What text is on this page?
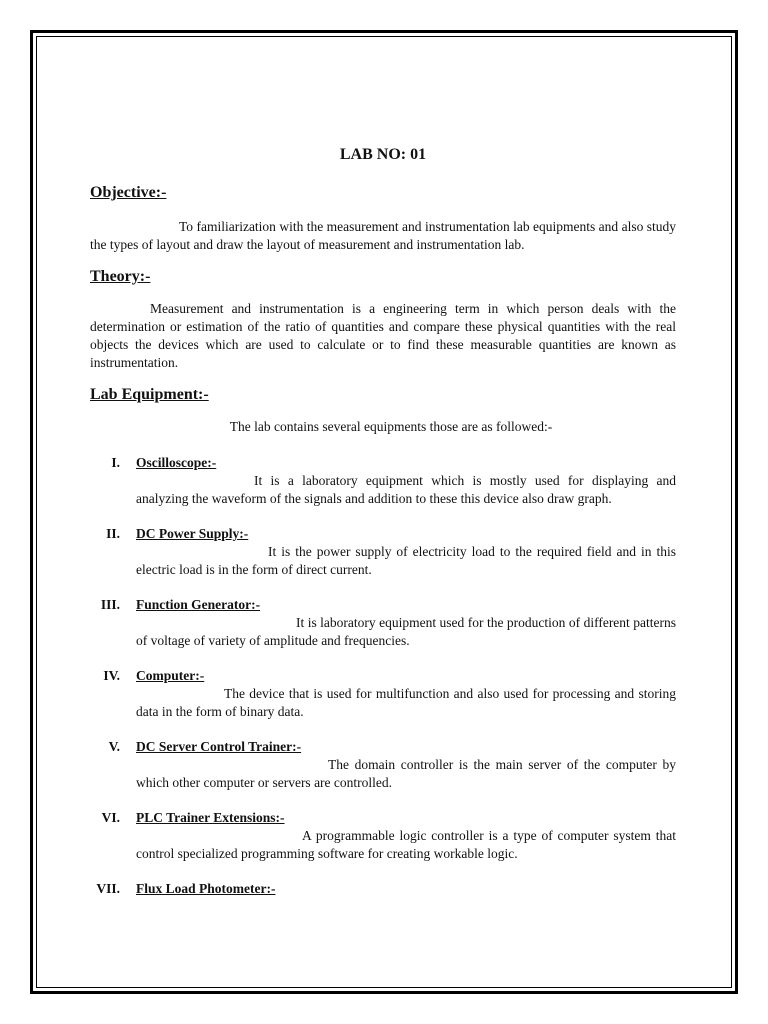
LAB NO: 01
Objective:-

To familiarization with the measurement and instrumentation lab equipments and also study the types of layout and draw the layout of measurement and instrumentation lab.

Theory:-

Measurement and instrumentation is a engineering term in which person deals with the determination or estimation of the ratio of quantities and compare these physical quantities with the real objects the devices which are used to calculate or to find these measurable quantities are known as instrumentation.

Lab Equipment:-

The lab contains several equipments those are as followed:-

I. Oscilloscope:-
It is a laboratory equipment which is mostly used for displaying and analyzing the waveform of the signals and addition to these this device also draw graph.
II. DC Power Supply:-
It is the power supply of electricity load to the required field and in this electric load is in the form of direct current.
III. Function Generator:-
It is laboratory equipment used for the production of different patterns of voltage of variety of amplitude and frequencies.
IV. Computer:-
The device that is used for multifunction and also used for processing and storing data in the form of binary data.
V. DC Server Control Trainer:-
The domain controller is the main server of the computer by which other computer or servers are controlled.
VI. PLC Trainer Extensions:-
A programmable logic controller is a type of computer system that control specialized programming software for creating workable logic.
VII. Flux Load Photometer:-
